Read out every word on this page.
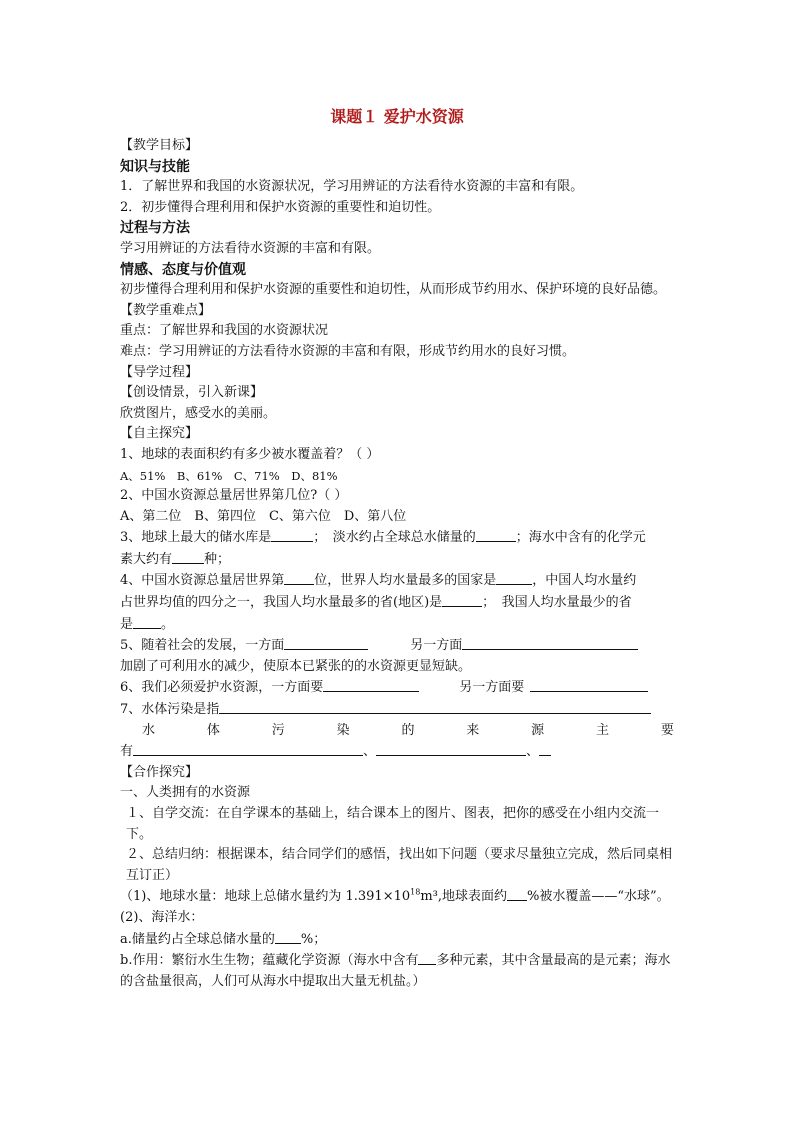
课题１ 爱护水资源
【教学目标】
知识与技能
1．了解世界和我国的水资源状况，学习用辨证的方法看待水资源的丰富和有限。
2．初步懂得合理利用和保护水资源的重要性和迫切性。
过程与方法
学习用辨证的方法看待水资源的丰富和有限。
情感、态度与价值观
初步懂得合理利用和保护水资源的重要性和迫切性，从而形成节约用水、保护环境的良好品德。
【教学重难点】
重点：了解世界和我国的水资源状况
难点：学习用辨证的方法看待水资源的丰富和有限，形成节约用水的良好习惯。
【导学过程】
【创设情景，引入新课】
欣赏图片，感受水的美丽。
【自主探究】
1、地球的表面积约有多少被水覆盖着？（ ）
A、51%　B、61%　C、71%　D、81%
2、中国水资源总量居世界第几位?（ ）
A、第二位　B、第四位　C、第六位　D、第八位
3、地球上最大的储水库是	；　淡水约占全球总水储量的	；海水中含有的化学元
素大约有 种；
4、中国水资源总量居世界第 位，世界人均水量最多的国家是	，中国人均水量约
占世界均值的四分之一，我国人均水量最多的省(地区)是	；　我国人均水量最少的省
是 。
5、随着社会的发展，一方面	另一方面
加剧了可利用水的减少，使原本已紧张的的水资源更显短缺。
6、我们必须爱护水资源，一方面要	另一方面要
7、水体污染是指
水	体	污	染	的	来	源	主	要
有	、	、
【合作探究】
一、人类拥有的水资源
１、自学交流：在自学课本的基础上，结合课本上的图片、图表，把你的感受在小组内交流一下。
２、总结归纳：根据课本，结合同学们的感悟，找出如下问题（要求尽量独立完成，然后同桌相互订正）
（1)、地球水量：地球上总储水量约为 $1.391\times 10^{18}m^3$,地球表面约 %被水覆盖——“水球”。(2)、海洋水：
a.储量约占全球总储水量的 %；
b.作用：繁衍水生生物；蕴藏化学资源（海水中含有 多种元素，其中含量最高的是元素；海水的含盐量很高，人们可从海水中提取出大量无机盐。）
